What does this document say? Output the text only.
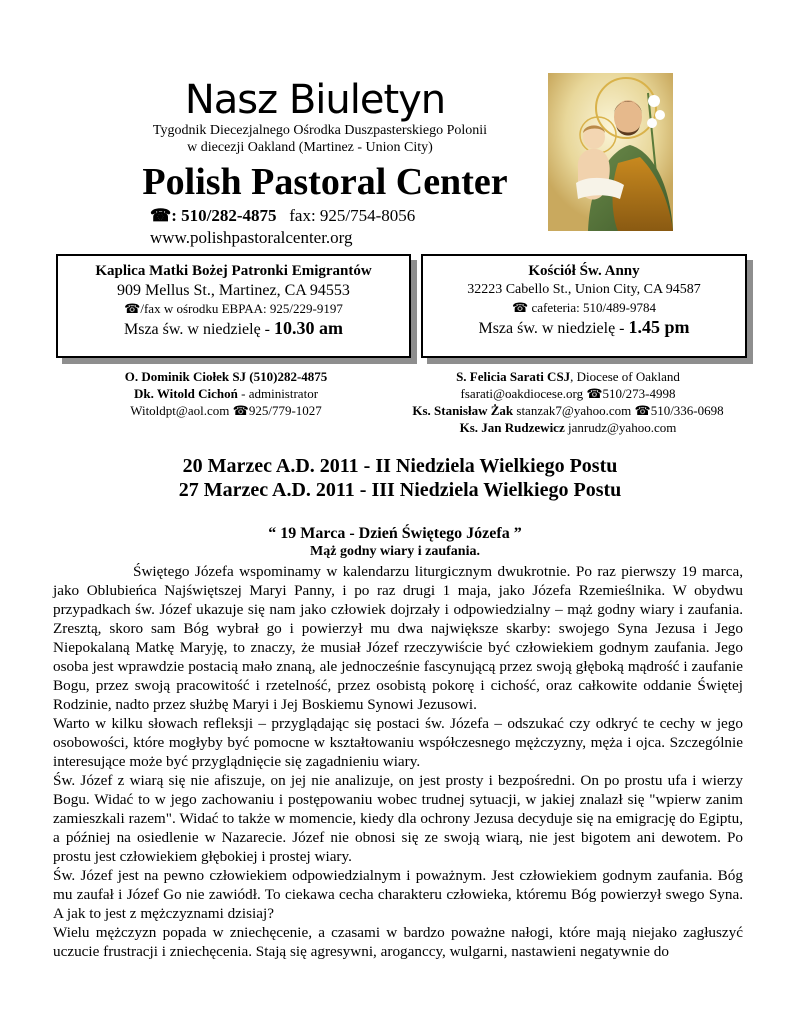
Nasz Biuletyn
Tygodnik Diecezjalnego Ośrodka Duszpasterskiego Polonii
w diecezji Oakland (Martinez - Union City)
Polish Pastoral Center
☎: 510/282-4875 fax: 925/754-8056
www.polishpastoralcenter.org
Kaplica Matki Bożej Patronki Emigrantów
909 Mellus St., Martinez, CA 94553
☎/fax w ośrodku EBPAA: 925/229-9197
Msza św. w niedzielę - 10.30 am
Kościół Św. Anny
32223 Cabello St., Union City, CA 94587
☎ cafeteria: 510/489-9784
Msza św. w niedzielę - 1.45 pm
O. Dominik Ciołek SJ (510)282-4875
Dk. Witold Cichoń - administrator
Witoldpt@aol.com ☎925/779-1027
S. Felicia Sarati CSJ, Diocese of Oakland
fsarati@oakdiocese.org ☎510/273-4998
Ks. Stanisław Żak stanzak7@yahoo.com ☎510/336-0698
Ks. Jan Rudzewicz janrudz@yahoo.com
20 Marzec A.D. 2011 - II Niedziela Wielkiego Postu
27 Marzec A.D. 2011 - III Niedziela Wielkiego Postu
“ 19 Marca - Dzień Świętego Józefa ”
Mąż godny wiary i zaufania.

Świętego Józefa wspominamy w kalendarzu liturgicznym dwukrotnie. Po raz pierwszy 19 marca, jako Oblubieńca Najświętszej Maryi Panny, i po raz drugi 1 maja, jako Józefa Rzemieślnika. W obydwu przypadkach św. Józef ukazuje się nam jako człowiek dojrzały i odpowiedzialny – mąż godny wiary i zaufania. Zresztą, skoro sam Bóg wybrał go i powierzył mu dwa największe skarby: swojego Syna Jezusa i Jego Niepokalaną Matkę Maryję, to znaczy, że musiał Józef rzeczywiście być człowiekiem godnym zaufania. Jego osoba jest wprawdzie postacią mało znaną, ale jednocześnie fascynującą przez swoją głęboką mądrość i zaufanie Bogu, przez swoją pracowitość i rzetelność, przez osobistą pokorę i cichość, oraz całkowite oddanie Świętej Rodzinie, nadto przez służbę Maryi i Jej Boskiemu Synowi Jezusowi.

Warto w kilku słowach refleksji – przyglądając się postaci św. Józefa – odszukać czy odkryć te cechy w jego osobowości, które mogłyby być pomocne w kształtowaniu współczesnego mężczyzny, męża i ojca. Szczególnie interesujące może być przyglądnięcie się zagadnieniu wiary.

Św. Józef z wiarą się nie afiszuje, on jej nie analizuje, on jest prosty i bezpośredni. On po prostu ufa i wierzy Bogu. Widać to w jego zachowaniu i postępowaniu wobec trudnej sytuacji, w jakiej znalazł się "wpierw zanim zamieszkali razem". Widać to także w momencie, kiedy dla ochrony Jezusa decyduje się na emigrację do Egiptu, a później na osiedlenie w Nazarecie. Józef nie obnosi się ze swoją wiarą, nie jest bigotem ani dewotem. Po prostu jest człowiekiem głębokiej i prostej wiary.

Św. Józef jest na pewno człowiekiem odpowiedzialnym i poważnym. Jest człowiekiem godnym zaufania. Bóg mu zaufał i Józef Go nie zawiódł. To ciekawa cecha charakteru człowieka, któremu Bóg powierzył swego Syna. A jak to jest z mężczyznami dzisiaj?

Wielu mężczyzn popada w zniechęcenie, a czasami w bardzo poważne nałogi, które mają niejako zagłuszyć uczucie frustracji i zniechęcenia. Stają się agresywni, aroganccy, wulgarni, nastawieni negatywnie do
